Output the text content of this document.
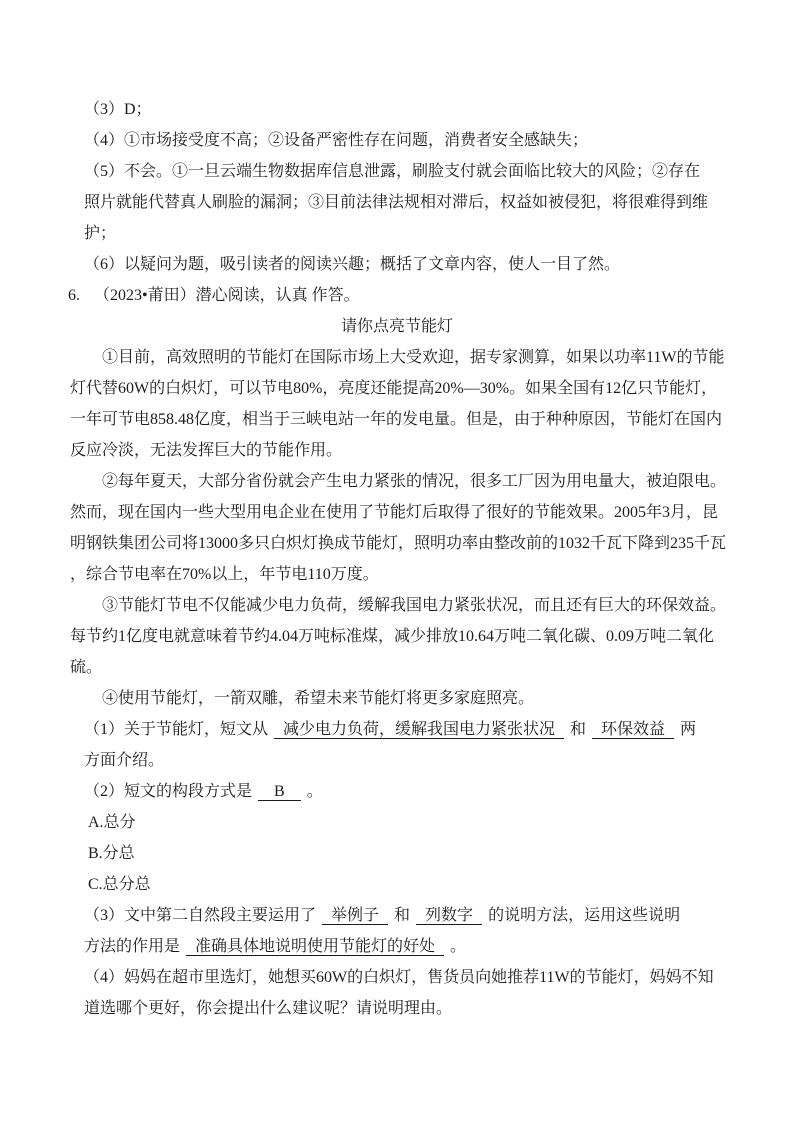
（3）D；
（4）①市场接受度不高；②设备严密性存在问题，消费者安全感缺失；
（5）不会。①一旦云端生物数据库信息泄露，刷脸支付就会面临比较大的风险；②存在
照片就能代替真人刷脸的漏洞；③目前法律法规相对滞后，权益如被侵犯，将很难得到维
护；
（6）以疑问为题，吸引读者的阅读兴趣；概括了文章内容，使人一目了然。
6. （2023•莆田）潜心阅读，认真 作答。
请你点亮节能灯
①目前，高效照明的节能灯在国际市场上大受欢迎，据专家测算，如果以功率11W的节能
灯代替60W的白炽灯，可以节电80%，亮度还能提高20%—30%。如果全国有12亿只节能灯，
一年可节电858.48亿度，相当于三峡电站一年的发电量。但是，由于种种原因，节能灯在国内
反应冷淡，无法发挥巨大的节能作用。
②每年夏天，大部分省份就会产生电力紧张的情况，很多工厂因为用电量大，被迫限电。
然而，现在国内一些大型用电企业在使用了节能灯后取得了很好的节能效果。2005年3月，昆
明钢铁集团公司将13000多只白炽灯换成节能灯，照明功率由整改前的1032千瓦下降到235千瓦
，综合节电率在70%以上，年节电110万度。
③节能灯节电不仅能减少电力负荷，缓解我国电力紧张状况，而且还有巨大的环保效益。
每节约1亿度电就意味着节约4.04万吨标准煤，减少排放10.64万吨二氧化碳、0.09万吨二氧化
硫。
④使用节能灯，一箭双雕，希望未来节能灯将更多家庭照亮。
（1）关于节能灯，短文从 减少电力负荷，缓解我国电力紧张状况 和 环保效益 两
方面介绍。
（2）短文的构段方式是 B 。
A.总分
B.分总
C.总分总
（3）文中第二自然段主要运用了 举例子 和 列数字 的说明方法，运用这些说明
方法的作用是 准确具体地说明使用节能灯的好处 。
（4）妈妈在超市里选灯，她想买60W的白炽灯，售货员向她推荐11W的节能灯，妈妈不知
道选哪个更好，你会提出什么建议呢？请说明理由。
